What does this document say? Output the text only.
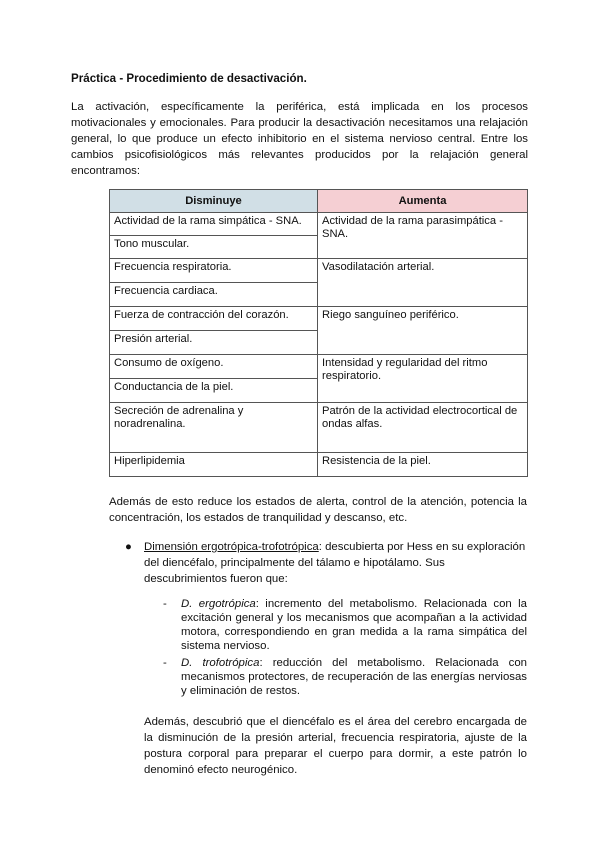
Práctica - Procedimiento de desactivación.
La activación, específicamente la periférica, está implicada en los procesos motivacionales y emocionales. Para producir la desactivación necesitamos una relajación general, lo que produce un efecto inhibitorio en el sistema nervioso central. Entre los cambios psicofisiológicos más relevantes producidos por la relajación general encontramos:
Disminuye	Aumenta
Actividad de la rama simpática - SNA.	Actividad de la rama parasimpática - SNA.
Tono muscular.	
Frecuencia respiratoria.	Vasodilatación arterial.
Frecuencia cardiaca.	
Fuerza de contracción del corazón.	Riego sanguíneo periférico.
Presión arterial.	
Consumo de oxígeno.	Intensidad y regularidad del ritmo respiratorio.
Conductancia de la piel.	
Secreción de adrenalina y noradrenalina.	Patrón de la actividad electrocortical de ondas alfas.
Hiperlipidemia	Resistencia de la piel.
Además de esto reduce los estados de alerta, control de la atención, potencia la concentración, los estados de tranquilidad y descanso, etc.
● Dimensión ergotrópica-trofotrópica: descubierta por Hess en su exploración del diencéfalo, principalmente del tálamo e hipotálamo. Sus descubrimientos fueron que:
- D. ergotrópica: incremento del metabolismo. Relacionada con la excitación general y los mecanismos que acompañan a la actividad motora, correspondiendo en gran medida a la rama simpática del sistema nervioso.
- D. trofotrópica: reducción del metabolismo. Relacionada con mecanismos protectores, de recuperación de las energías nerviosas y eliminación de restos.
Además, descubrió que el diencéfalo es el área del cerebro encargada de la disminución de la presión arterial, frecuencia respiratoria, ajuste de la postura corporal para preparar el cuerpo para dormir, a este patrón lo denominó efecto neurogénico.
